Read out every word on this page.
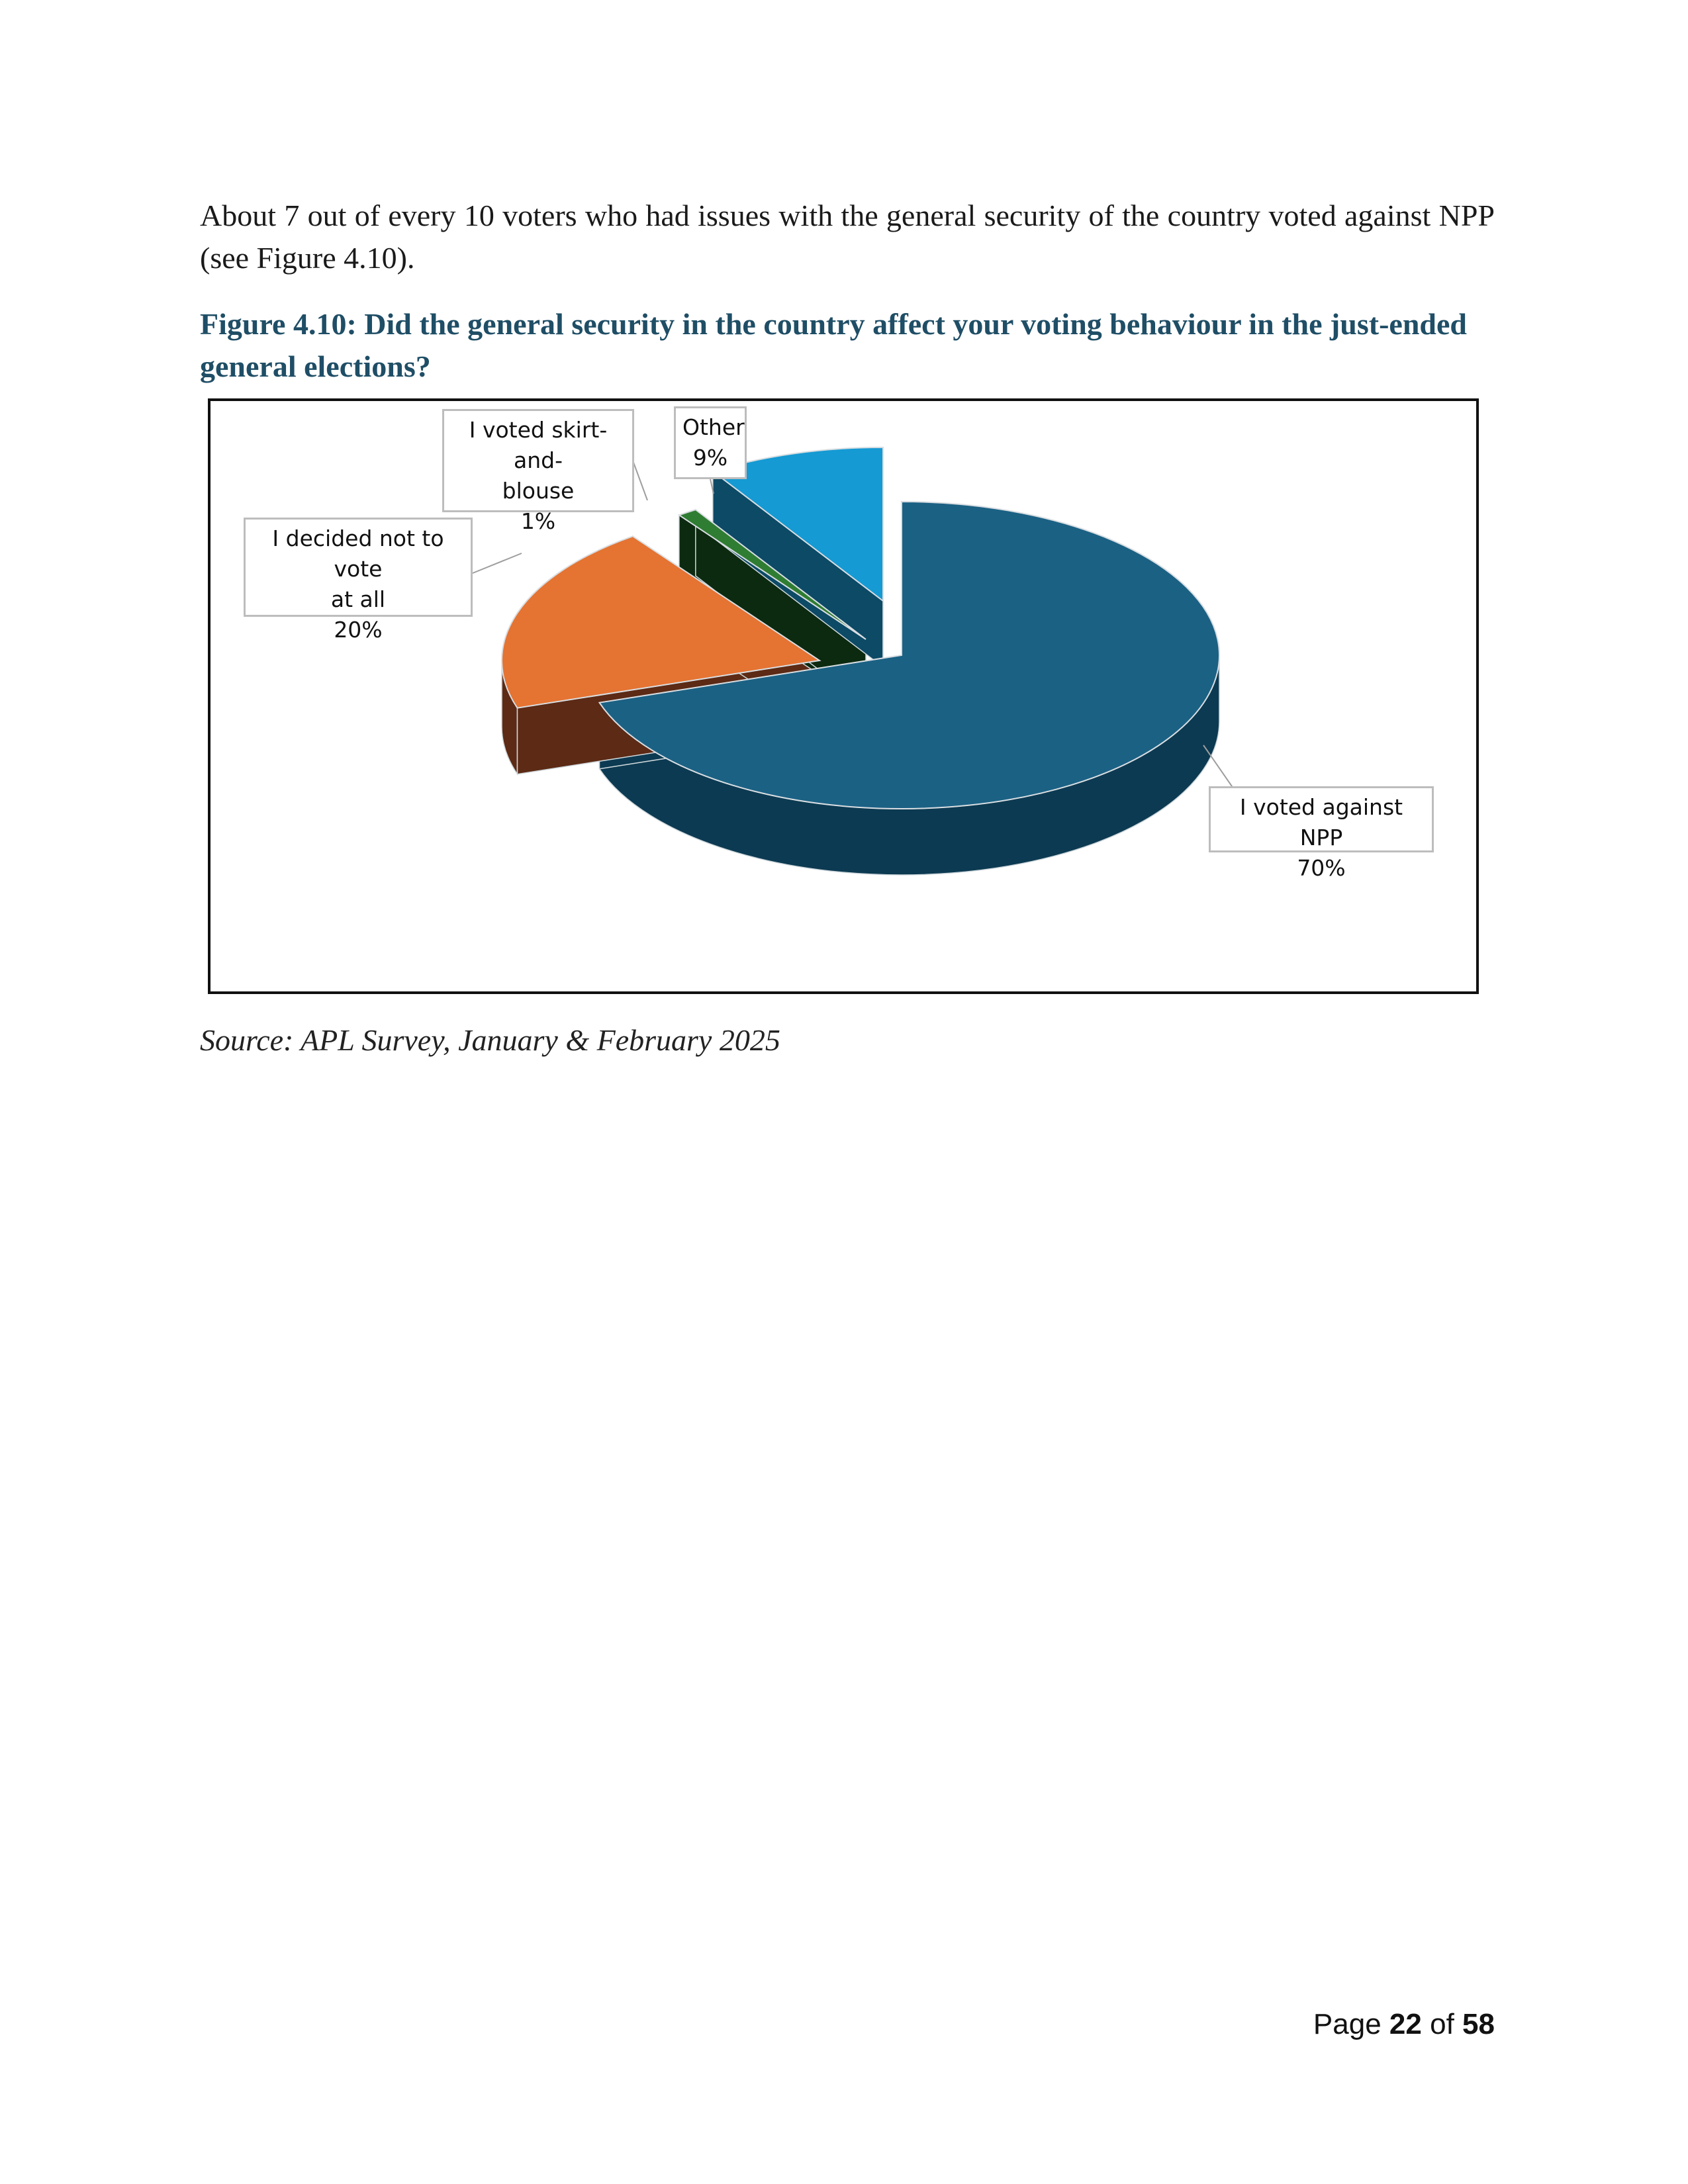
About 7 out of every 10 voters who had issues with the general security of the country voted against NPP (see Figure 4.10).

Figure 4.10: Did the general security in the country affect your voting behaviour in the just-ended general elections?

I voted against NPP
70%
I decided not to vote
at all
20%
I voted skirt-and-
blouse
1%
Other
9%

Source: APL Survey, January & February 2025

Page 22 of 58
